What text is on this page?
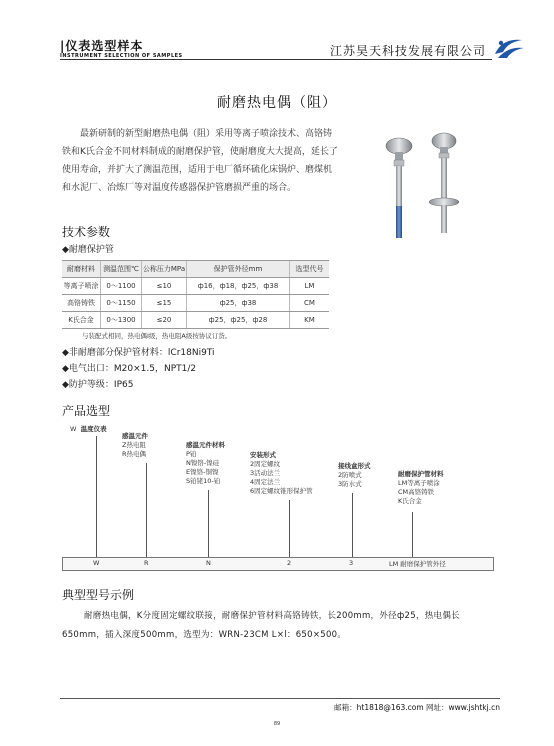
|仪表选型样本
INSTRUMENT SELECTION OF SAMPLES	江苏昊天科技发展有限公司
耐磨热电偶（阻）
最新研制的新型耐磨热电偶（阻）采用等离子喷涂技术、高铬铸铁和K氏合金不同材料制成的耐磨保护管，使耐磨度大大提高，延长了使用寿命，并扩大了测温范围，适用于电厂循环硫化床锅炉、磨煤机和水泥厂、冶炼厂等对温度传感器保护管磨损严重的场合。
技术参数
◆耐磨保护管
耐磨材料	测温范围℃	公称压力MPa	保护管外径mm	选型代号
等离子喷涂	0～1100	≤10	ф16，ф18，ф25，ф38	LM
高铬铸铁	0～1150	≤15	ф25，ф38	CM
K氏合金	0～1300	≤20	ф25，ф25，ф28	KM
与装配式相同，热电偶Ⅰ级，热电阻A级按协议订货。
◆非耐磨部分保护管材料：lCr18Ni9Ti
◆电气出口：M20×1.5，NPT1/2
◆防护等级：IP65
产品选型
W 温度仪表
感温元件
Z热电阻
R热电偶
感温元件材料
P铂
N镍铬-镍硅
E镍铬-铜镍
S铂铑10-铂
安装形式
2固定螺纹
3活动法兰
4固定法兰
6固定螺纹锥形保护管
接线盒形式
2防喷式
3防水式
耐磨保护管材料
LM等离子喷涂
CM高铬铸铁
K氏合金
W	R	N	2	3	LM 耐磨保护管外径
典型型号示例
耐磨热电偶，K分度固定螺纹联接，耐磨保护管材料高铬铸铁，长200mm，外径ф25，热电偶长650mm，插入深度500mm，选型为：WRN-23CM L×l：650×500。
邮箱：ht1818@163.com 网址：www.jshtkj.cn
89
